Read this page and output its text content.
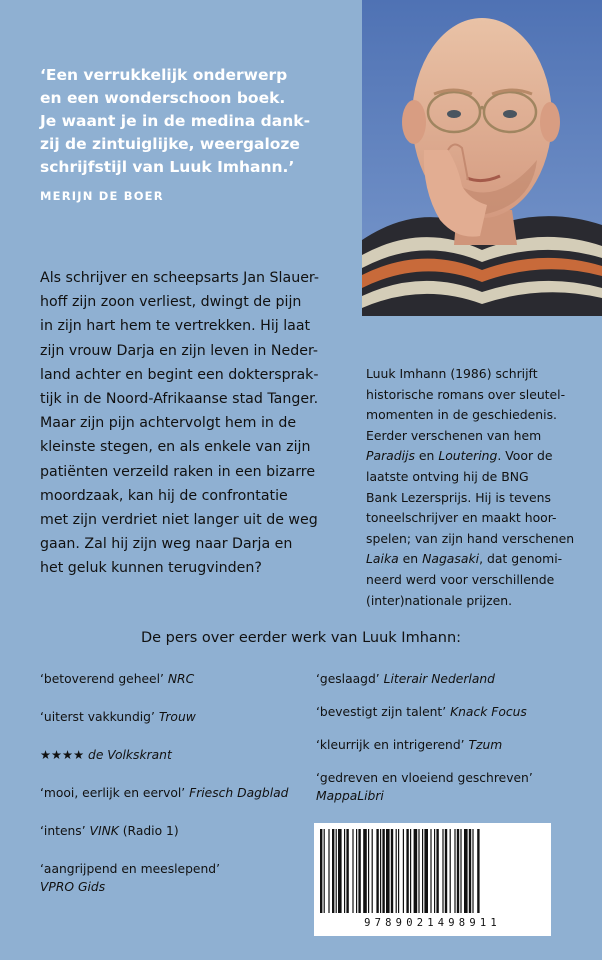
‘Een verrukkelijk onderwerp

en een wonderschoon boek.

Je waant je in de medina dank-

zij de zintuiglijke, weergaloze

schrijfstijl van Luuk Imhann.’

MERIJN DE BOER

Als schrijver en scheepsarts Jan Slauer-
hoff zijn zoon verliest, dwingt de pijn
in zijn hart hem te vertrekken. Hij laat
zijn vrouw Darja en zijn leven in Neder-
land achter en begint een doktersprak-
tijk in de Noord-Afrikaanse stad Tanger.
Maar zijn pijn achtervolgt hem in de
kleinste stegen, en als enkele van zijn
patiënten verzeild raken in een bizarre
moordzaak, kan hij de confrontatie
met zijn verdriet niet langer uit de weg
gaan. Zal hij zijn weg naar Darja en
het geluk kunnen terugvinden?
Luuk Imhann (1986) schrijft
historische romans over sleutel-
momenten in de geschiedenis.
Eerder verschenen van hem
Paradijs en Loutering. Voor de
laatste ontving hij de BNG
Bank Lezersprijs. Hij is tevens
toneelschrijver en maakt hoor-
spelen; van zijn hand verschenen
Laika en Nagasaki, dat genomi-
neerd werd voor verschillende
(inter)nationale prijzen.
De pers over eerder werk van Luuk Imhann:
‘betoverend geheel’ NRC
‘uiterst vakkundig’ Trouw
★★★★ de Volkskrant
‘mooi, eerlijk en eervol’ Friesch Dagblad
‘intens’ VINK (Radio 1)
‘aangrijpend en meeslepend’
VPRO Gids
‘geslaagd’ Literair Nederland
‘bevestigt zijn talent’ Knack Focus
‘kleurrijk en intrigerend’ Tzum
‘gedreven en vloeiend geschreven’
MappaLibri
9789021498911
